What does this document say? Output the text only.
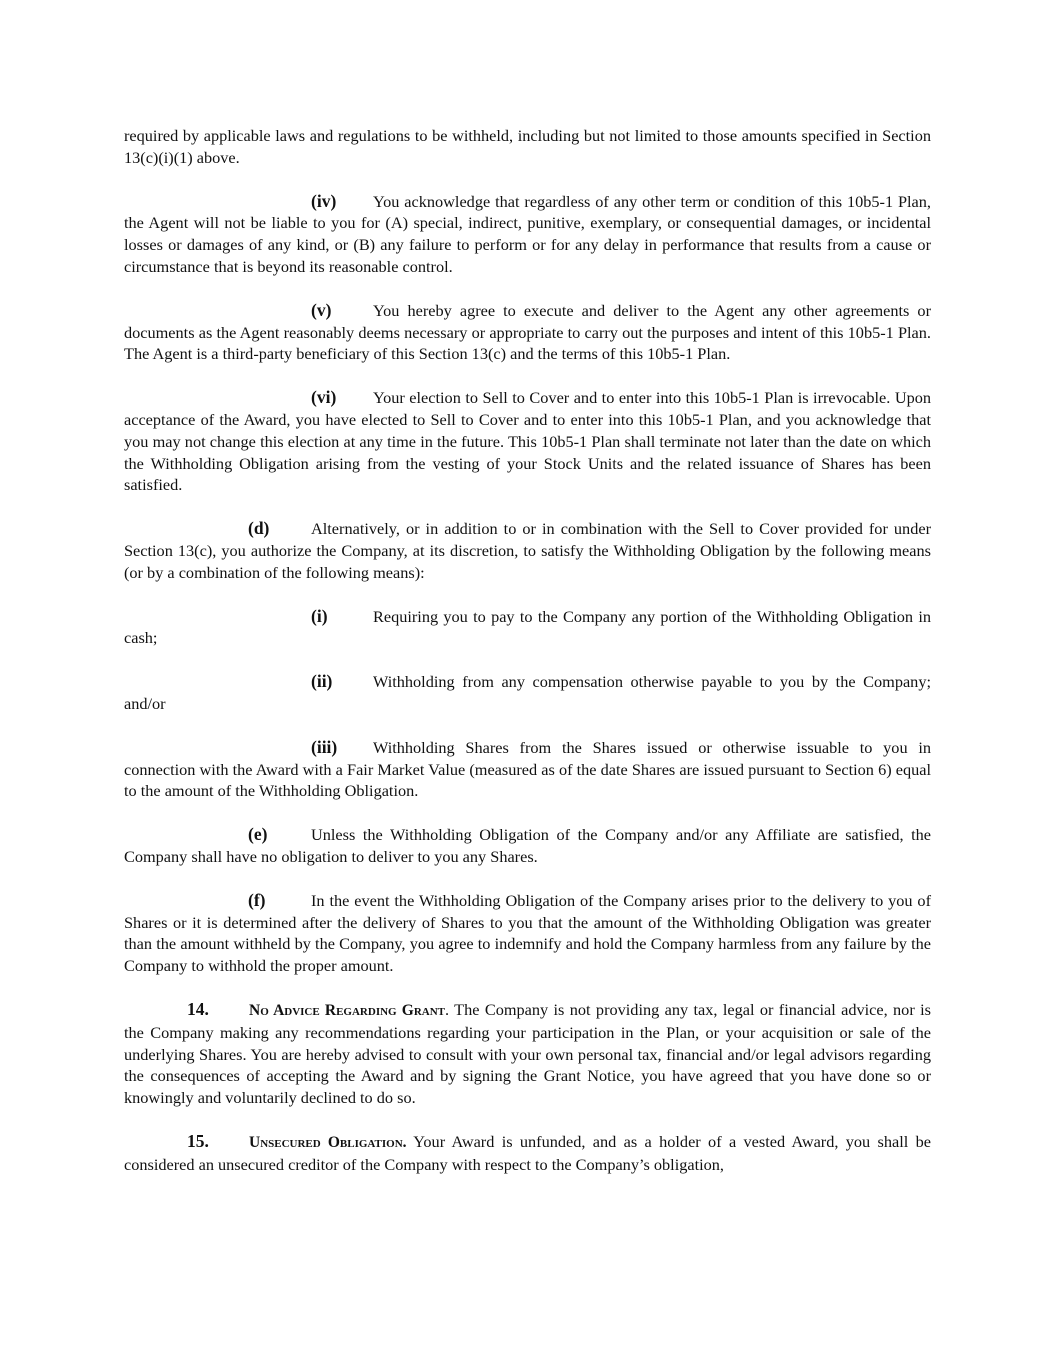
required by applicable laws and regulations to be withheld, including but not limited to those amounts specified in Section 13(c)(i)(1) above.

(iv) You acknowledge that regardless of any other term or condition of this 10b5-1 Plan, the Agent will not be liable to you for (A) special, indirect, punitive, exemplary, or consequential damages, or incidental losses or damages of any kind, or (B) any failure to perform or for any delay in performance that results from a cause or circumstance that is beyond its reasonable control.

(v)	You hereby agree to execute and deliver to the Agent any other agreements or documents as the Agent reasonably deems necessary or appropriate to carry out the purposes and intent of this 10b5-1 Plan. The Agent is a third-party beneficiary of this Section 13(c) and the terms of this 10b5-1 Plan.

(vi) Your election to Sell to Cover and to enter into this 10b5-1 Plan is irrevocable. Upon acceptance of the Award, you have elected to Sell to Cover and to enter into this 10b5-1 Plan, and you acknowledge that you may not change this election at any time in the future. This 10b5-1 Plan shall terminate not later than the date on which the Withholding Obligation arising from the vesting of your Stock Units and the related issuance of Shares has been satisfied.

(d)	Alternatively, or in addition to or in combination with the Sell to Cover provided for under Section 13(c), you authorize the Company, at its discretion, to satisfy the Withholding Obligation by the following means (or by a combination of the following means):

(i)	Requiring you to pay to the Company any portion of the Withholding Obligation in cash;

(ii) Withholding from any compensation otherwise payable to you by the Company; and/or

(iii) Withholding Shares from the Shares issued or otherwise issuable to you in connection with the Award with a Fair Market Value (measured as of the date Shares are issued pursuant to Section 6) equal to the amount of the Withholding Obligation.

(e)	Unless the Withholding Obligation of the Company and/or any Affiliate are satisfied, the Company shall have no obligation to deliver to you any Shares.

(f)	In the event the Withholding Obligation of the Company arises prior to the delivery to you of Shares or it is determined after the delivery of Shares to you that the amount of the Withholding Obligation was greater than the amount withheld by the Company, you agree to indemnify and hold the Company harmless from any failure by the Company to withhold the proper amount.

14.	No Advice Regarding Grant. The Company is not providing any tax, legal or financial advice, nor is the Company making any recommendations regarding your participation in the Plan, or your acquisition or sale of the underlying Shares. You are hereby advised to consult with your own personal tax, financial and/or legal advisors regarding the consequences of accepting the Award and by signing the Grant Notice, you have agreed that you have done so or knowingly and voluntarily declined to do so.

15.	Unsecured Obligation. Your Award is unfunded, and as a holder of a vested Award, you shall be considered an unsecured creditor of the Company with respect to the Company’s obligation,
